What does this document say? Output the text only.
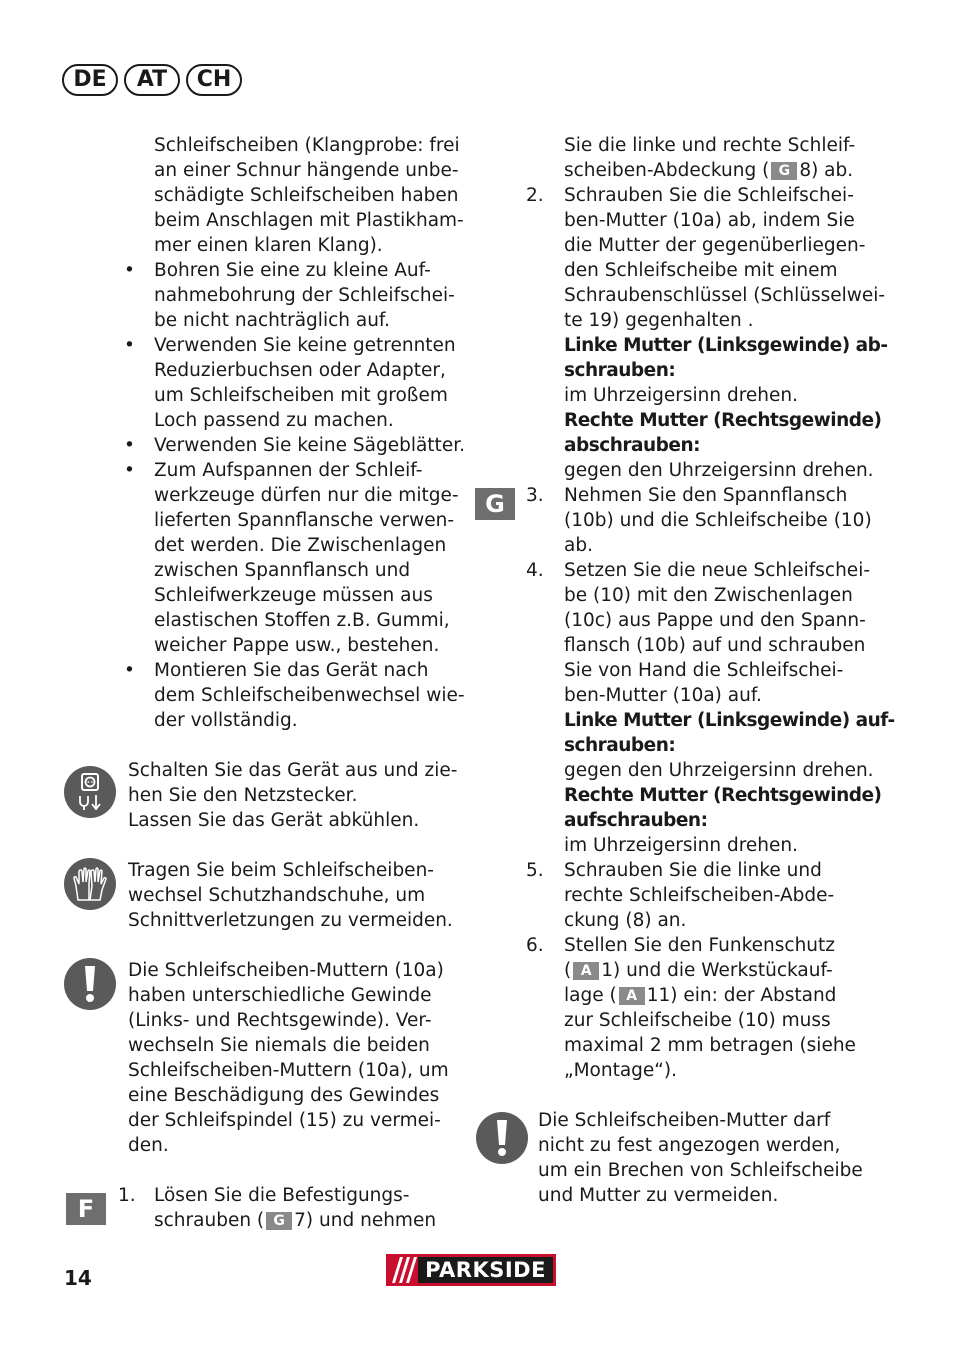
DE	AT	CH
Schleifscheiben (Klangprobe: frei
an einer Schnur hängende unbe-
schädigte Schleifscheiben haben
beim Anschlagen mit Plastikham-
mer einen klaren Klang).
• Bohren Sie eine zu kleine Auf-
nahmebohrung der Schleifschei-
be nicht nachträglich auf.
• Verwenden Sie keine getrennten
Reduzierbuchsen oder Adapter,
um Schleifscheiben mit großem
Loch passend zu machen.
• Verwenden Sie keine Sägeblätter.
• Zum Aufspannen der Schleif-
werkzeuge dürfen nur die mitge-
lieferten Spannflansche verwen-
det werden. Die Zwischenlagen
zwischen Spannflansch und
Schleifwerkzeuge müssen aus
elastischen Stoffen z.B. Gummi,
weicher Pappe usw., bestehen.
• Montieren Sie das Gerät nach
dem Schleifscheibenwechsel wie-
der vollständig.
Schalten Sie das Gerät aus und zie-
hen Sie den Netzstecker.
Lassen Sie das Gerät abkühlen.
Tragen Sie beim Schleifscheiben-
wechsel Schutzhandschuhe, um
Schnittverletzungen zu vermeiden.
Die Schleifscheiben-Muttern (10a)
haben unterschiedliche Gewinde
(Links- und Rechtsgewinde). Ver-
wechseln Sie niemals die beiden
Schleifscheiben-Muttern (10a), um
eine Beschädigung des Gewindes
der Schleifspindel (15) zu vermei-
den.
1. Lösen Sie die Befestigungs-
schrauben ( G 7) und nehmen
F
Sie die linke und rechte Schleif-
scheiben-Abdeckung ( G 8) ab.
2. Schrauben Sie die Schleifschei-
ben-Mutter (10a) ab, indem Sie
die Mutter der gegenüberliegen-
den Schleifscheibe mit einem
Schraubenschlüssel (Schlüsselwei-
te 19) gegenhalten .
Linke Mutter (Linksgewinde) ab-
schrauben:
im Uhrzeigersinn drehen.
Rechte Mutter (Rechtsgewinde)
abschrauben:
gegen den Uhrzeigersinn drehen.
3. Nehmen Sie den Spannflansch
(10b) und die Schleifscheibe (10)
ab.
4. Setzen Sie die neue Schleifschei-
be (10) mit den Zwischenlagen
(10c) aus Pappe und den Spann-
flansch (10b) auf und schrauben
Sie von Hand die Schleifschei-
ben-Mutter (10a) auf.
Linke Mutter (Linksgewinde) auf-
schrauben:
gegen den Uhrzeigersinn drehen.
Rechte Mutter (Rechtsgewinde)
aufschrauben:
im Uhrzeigersinn drehen.
5. Schrauben Sie die linke und
rechte Schleifscheiben-Abde-
ckung (8) an.
6. Stellen Sie den Funkenschutz
( A 1) und die Werkstückauf-
lage ( A 11) ein: der Abstand
zur Schleifscheibe (10) muss
maximal 2 mm betragen (siehe
„Montage“).
Die Schleifscheiben-Mutter darf
nicht zu fest angezogen werden,
um ein Brechen von Schleifscheibe
und Mutter zu vermeiden.
G
14	PARKSIDE
